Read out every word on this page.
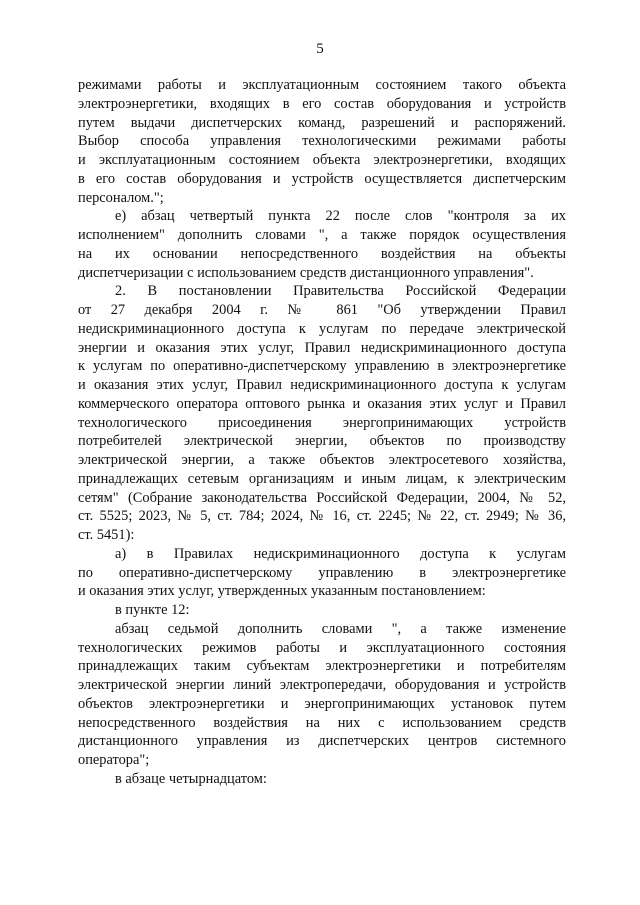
5
режимами работы и эксплуатационным состоянием такого объекта
электроэнергетики, входящих в его состав оборудования и устройств
путем выдачи диспетчерских команд, разрешений и распоряжений.
Выбор способа управления технологическими режимами работы
и эксплуатационным состоянием объекта электроэнергетики, входящих
в его состав оборудования и устройств осуществляется диспетчерским
персоналом.";
е) абзац четвертый пункта 22 после слов "контроля за их
исполнением" дополнить словами ", а также порядок осуществления
на их основании непосредственного воздействия на объекты
диспетчеризации с использованием средств дистанционного управления".
2. В постановлении Правительства Российской Федерации
от 27 декабря 2004 г. № 861 "Об утверждении Правил
недискриминационного доступа к услугам по передаче электрической
энергии и оказания этих услуг, Правил недискриминационного доступа
к услугам по оперативно-диспетчерскому управлению в электроэнергетике
и оказания этих услуг, Правил недискриминационного доступа к услугам
коммерческого оператора оптового рынка и оказания этих услуг и Правил
технологического присоединения энергопринимающих устройств
потребителей электрической энергии, объектов по производству
электрической энергии, а также объектов электросетевого хозяйства,
принадлежащих сетевым организациям и иным лицам, к электрическим
сетям" (Собрание законодательства Российской Федерации, 2004, № 52,
ст. 5525; 2023, № 5, ст. 784; 2024, № 16, ст. 2245; № 22, ст. 2949; № 36,
ст. 5451):
а) в Правилах недискриминационного доступа к услугам
по оперативно-диспетчерскому управлению в электроэнергетике
и оказания этих услуг, утвержденных указанным постановлением:
в пункте 12:
абзац седьмой дополнить словами ", а также изменение
технологических режимов работы и эксплуатационного состояния
принадлежащих таким субъектам электроэнергетики и потребителям
электрической энергии линий электропередачи, оборудования и устройств
объектов электроэнергетики и энергопринимающих установок путем
непосредственного воздействия на них с использованием средств
дистанционного управления из диспетчерских центров системного
оператора";
в абзаце четырнадцатом:
